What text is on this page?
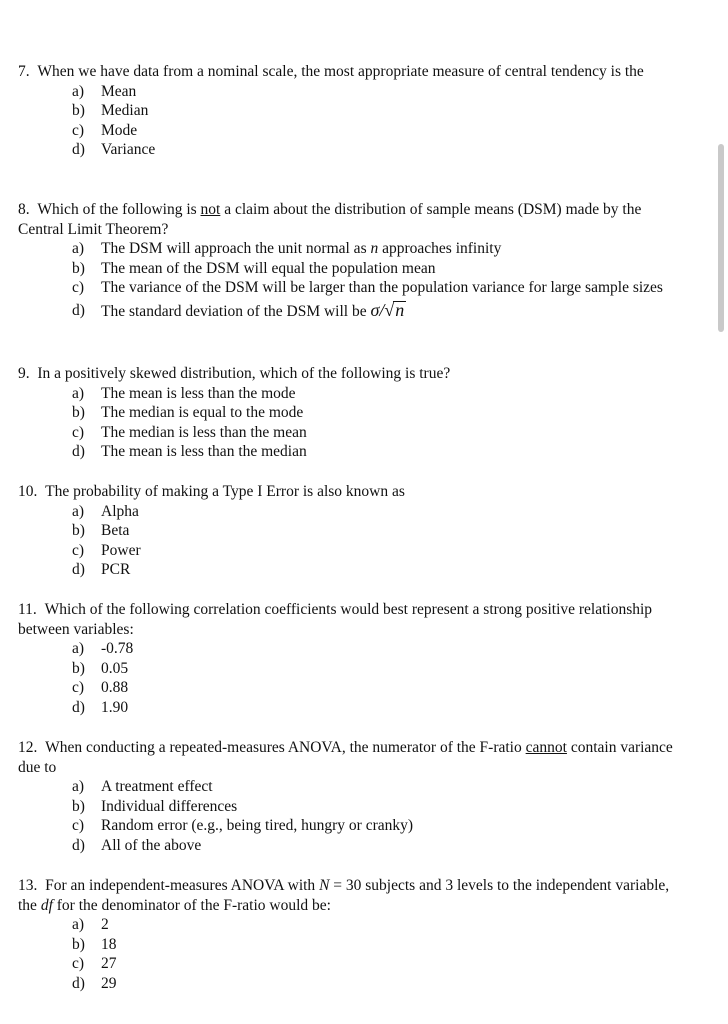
7. When we have data from a nominal scale, the most appropriate measure of central tendency is the

a)	Mean
b)	Median
c)	Mode
d)	Variance

8. Which of the following is not a claim about the distribution of sample means (DSM) made by the Central Limit Theorem?

a)	The DSM will approach the unit normal as n approaches infinity
b)	The mean of the DSM will equal the population mean
c)	The variance of the DSM will be larger than the population variance for large sample sizes
d)	The standard deviation of the DSM will be σ/√n

9. In a positively skewed distribution, which of the following is true?

a)	The mean is less than the mode
b)	The median is equal to the mode
c)	The median is less than the mean
d)	The mean is less than the median

10. The probability of making a Type I Error is also known as

a)	Alpha
b)	Beta
c)	Power
d)	PCR

11. Which of the following correlation coefficients would best represent a strong positive relationship between variables:

a)	-0.78
b)	0.05
c)	0.88
d)	1.90

12. When conducting a repeated-measures ANOVA, the numerator of the F-ratio cannot contain variance due to

a)	A treatment effect
b)	Individual differences
c)	Random error (e.g., being tired, hungry or cranky)
d)	All of the above

13. For an independent-measures ANOVA with N = 30 subjects and 3 levels to the independent variable, the df for the denominator of the F-ratio would be:

a)	2
b)	18
c)	27
d)	29
